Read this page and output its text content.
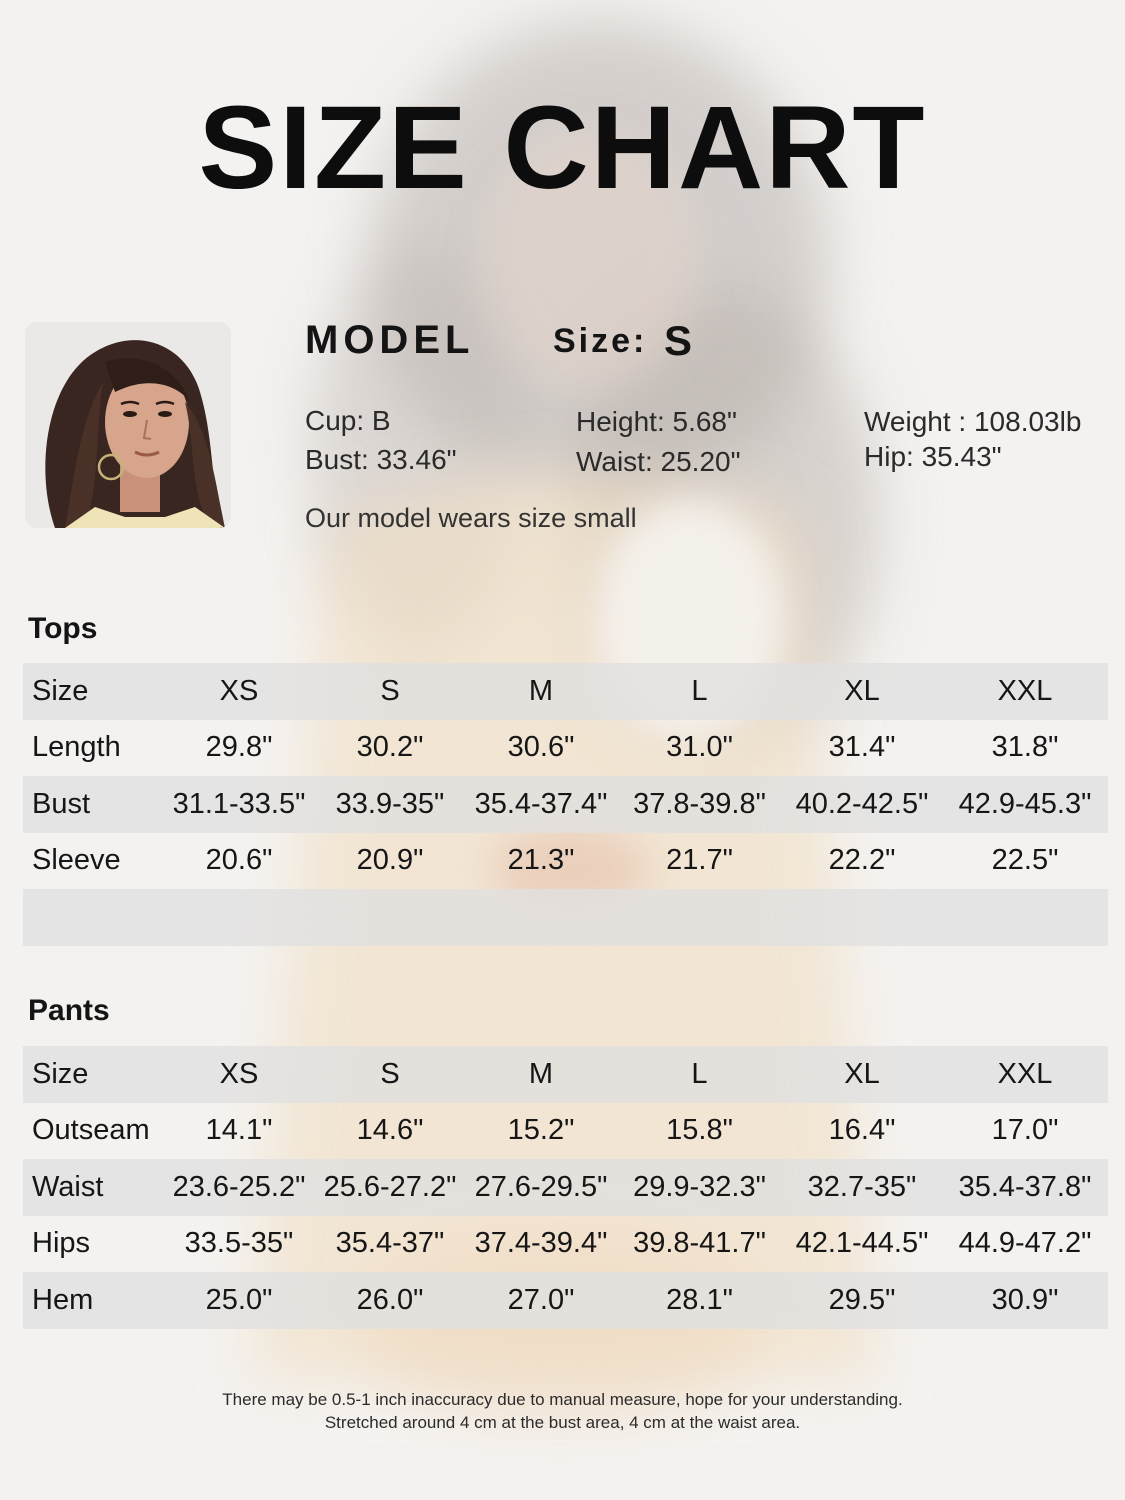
SIZE CHART
MODEL Size: S
Cup: B
Bust: 33.46"
Height: 5.68"
Waist: 25.20"
Weight : 108.03lb
Hip: 35.43"
Our model wears size small
Tops
Size	XS	S	M	L	XL	XXL
Length	29.8"	30.2"	30.6"	31.0"	31.4"	31.8"
Bust	31.1-33.5"	33.9-35"	35.4-37.4"	37.8-39.8"	40.2-42.5"	42.9-45.3"
Sleeve	20.6"	20.9"	21.3"	21.7"	22.2"	22.5"

Pants
Size	XS	S	M	L	XL	XXL
Outseam	14.1"	14.6"	15.2"	15.8"	16.4"	17.0"
Waist	23.6-25.2"	25.6-27.2"	27.6-29.5"	29.9-32.3"	32.7-35"	35.4-37.8"
Hips	33.5-35"	35.4-37"	37.4-39.4"	39.8-41.7"	42.1-44.5"	44.9-47.2"
Hem	25.0"	26.0"	27.0"	28.1"	29.5"	30.9"
There may be 0.5-1 inch inaccuracy due to manual measure, hope for your understanding.
Stretched around 4 cm at the bust area, 4 cm at the waist area.
